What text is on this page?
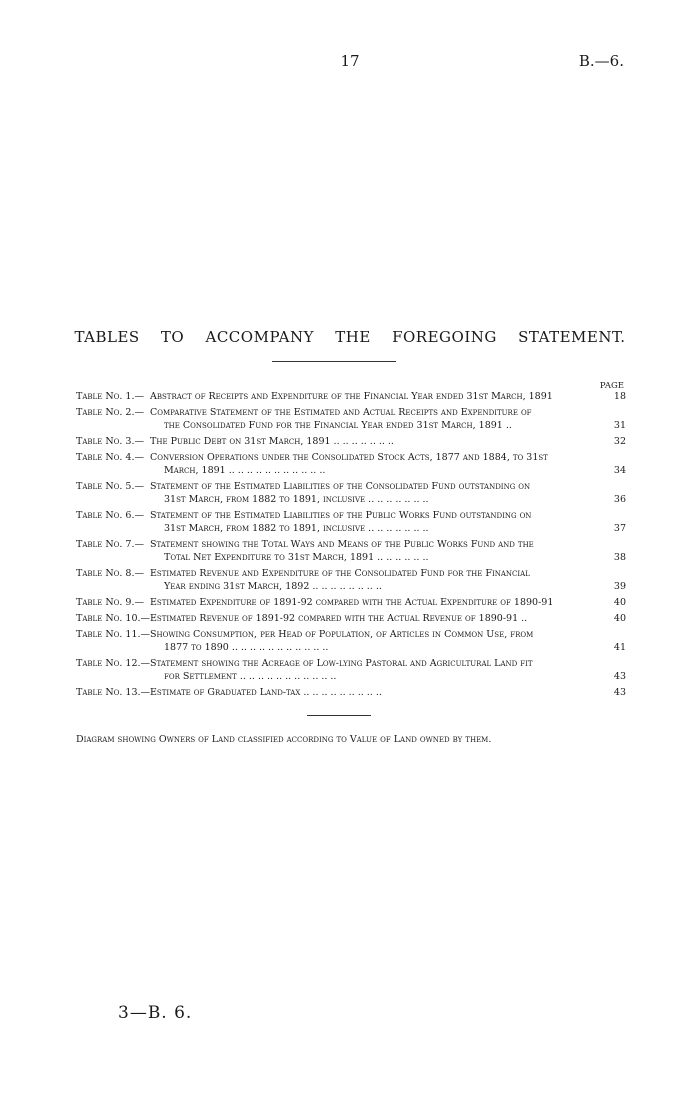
17	B.—6.
TABLES TO ACCOMPANY THE FOREGOING STATEMENT.
PAGE
Table No. 1.— Abstract of Receipts and Expenditure of the Financial Year ended 31st March, 1891	18
Table No. 2.— Comparative Statement of the Estimated and Actual Receipts and Expenditure of
the Consolidated Fund for the Financial Year ended 31st March, 1891 ..	31
Table No. 3.— The Public Debt on 31st March, 1891 .. .. .. .. .. .. ..	32
Table No. 4.— Conversion Operations under the Consolidated Stock Acts, 1877 and 1884, to 31st
March, 1891 .. .. .. .. .. .. .. .. .. .. ..	34
Table No. 5.— Statement of the Estimated Liabilities of the Consolidated Fund outstanding on
31st March, from 1882 to 1891, inclusive .. .. .. .. .. .. ..	36
Table No. 6.— Statement of the Estimated Liabilities of the Public Works Fund outstanding on
31st March, from 1882 to 1891, inclusive .. .. .. .. .. .. ..	37
Table No. 7.— Statement showing the Total Ways and Means of the Public Works Fund and the
Total Net Expenditure to 31st March, 1891 .. .. .. .. .. ..	38
Table No. 8.— Estimated Revenue and Expenditure of the Consolidated Fund for the Financial
Year ending 31st March, 1892 .. .. .. .. .. .. .. ..	39
Table No. 9.— Estimated Expenditure of 1891-92 compared with the Actual Expenditure of 1890-91	40
Table No. 10.— Estimated Revenue of 1891-92 compared with the Actual Revenue of 1890-91 ..	40
Table No. 11.— Showing Consumption, per Head of Population, of Articles in Common Use, from
1877 to 1890 .. .. .. .. .. .. .. .. .. .. ..	41
Table No. 12.— Statement showing the Acreage of Low-lying Pastoral and Agricultural Land fit
for Settlement .. .. .. .. .. .. .. .. .. .. ..	43
Table No. 13.— Estimate of Graduated Land-tax .. .. .. .. .. .. .. .. ..	43
Diagram showing Owners of Land classified according to Value of Land owned by them.
3—B. 6.
